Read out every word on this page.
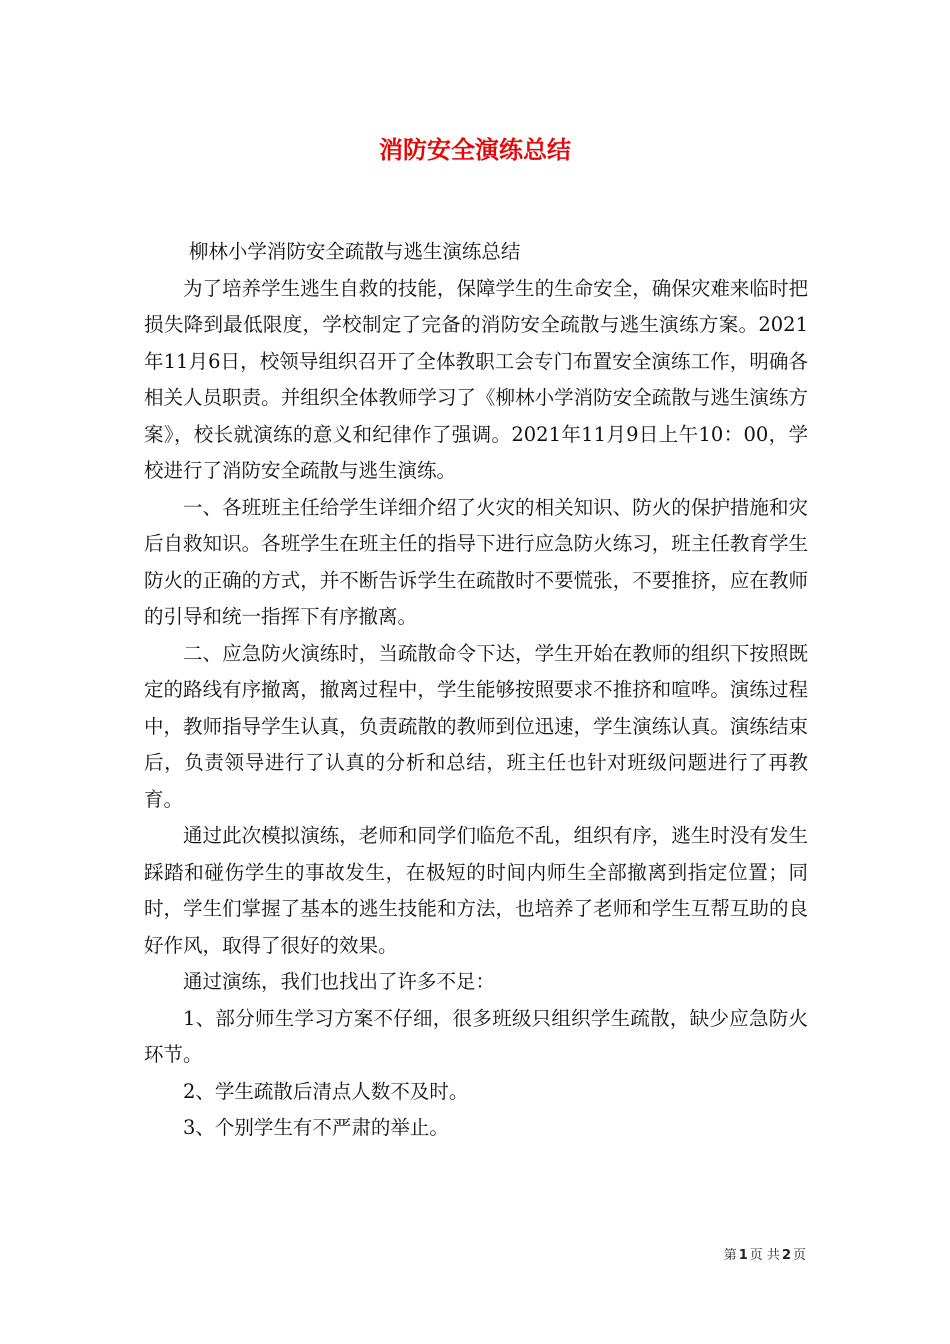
消防安全演练总结

柳林小学消防安全疏散与逃生演练总结

为了培养学生逃生自救的技能，保障学生的生命安全，确保灾难来临时把损失降到最低限度，学校制定了完备的消防安全疏散与逃生演练方案。2021年11月6日，校领导组织召开了全体教职工会专门布置安全演练工作，明确各相关人员职责。并组织全体教师学习了《柳林小学消防安全疏散与逃生演练方案》，校长就演练的意义和纪律作了强调。2021年11月9日上午10：00，学校进行了消防安全疏散与逃生演练。

一、各班班主任给学生详细介绍了火灾的相关知识、防火的保护措施和灾后自救知识。各班学生在班主任的指导下进行应急防火练习，班主任教育学生防火的正确的方式，并不断告诉学生在疏散时不要慌张，不要推挤，应在教师的引导和统一指挥下有序撤离。

二、应急防火演练时，当疏散命令下达，学生开始在教师的组织下按照既定的路线有序撤离，撤离过程中，学生能够按照要求不推挤和喧哗。演练过程中，教师指导学生认真，负责疏散的教师到位迅速，学生演练认真。演练结束后，负责领导进行了认真的分析和总结，班主任也针对班级问题进行了再教育。

通过此次模拟演练，老师和同学们临危不乱，组织有序，逃生时没有发生踩踏和碰伤学生的事故发生，在极短的时间内师生全部撤离到指定位置；同时，学生们掌握了基本的逃生技能和方法，也培养了老师和学生互帮互助的良好作风，取得了很好的效果。

通过演练，我们也找出了许多不足：

1、部分师生学习方案不仔细，很多班级只组织学生疏散，缺少应急防火环节。

2、学生疏散后清点人数不及时。

3、个别学生有不严肃的举止。

第 1 页 共 2 页
